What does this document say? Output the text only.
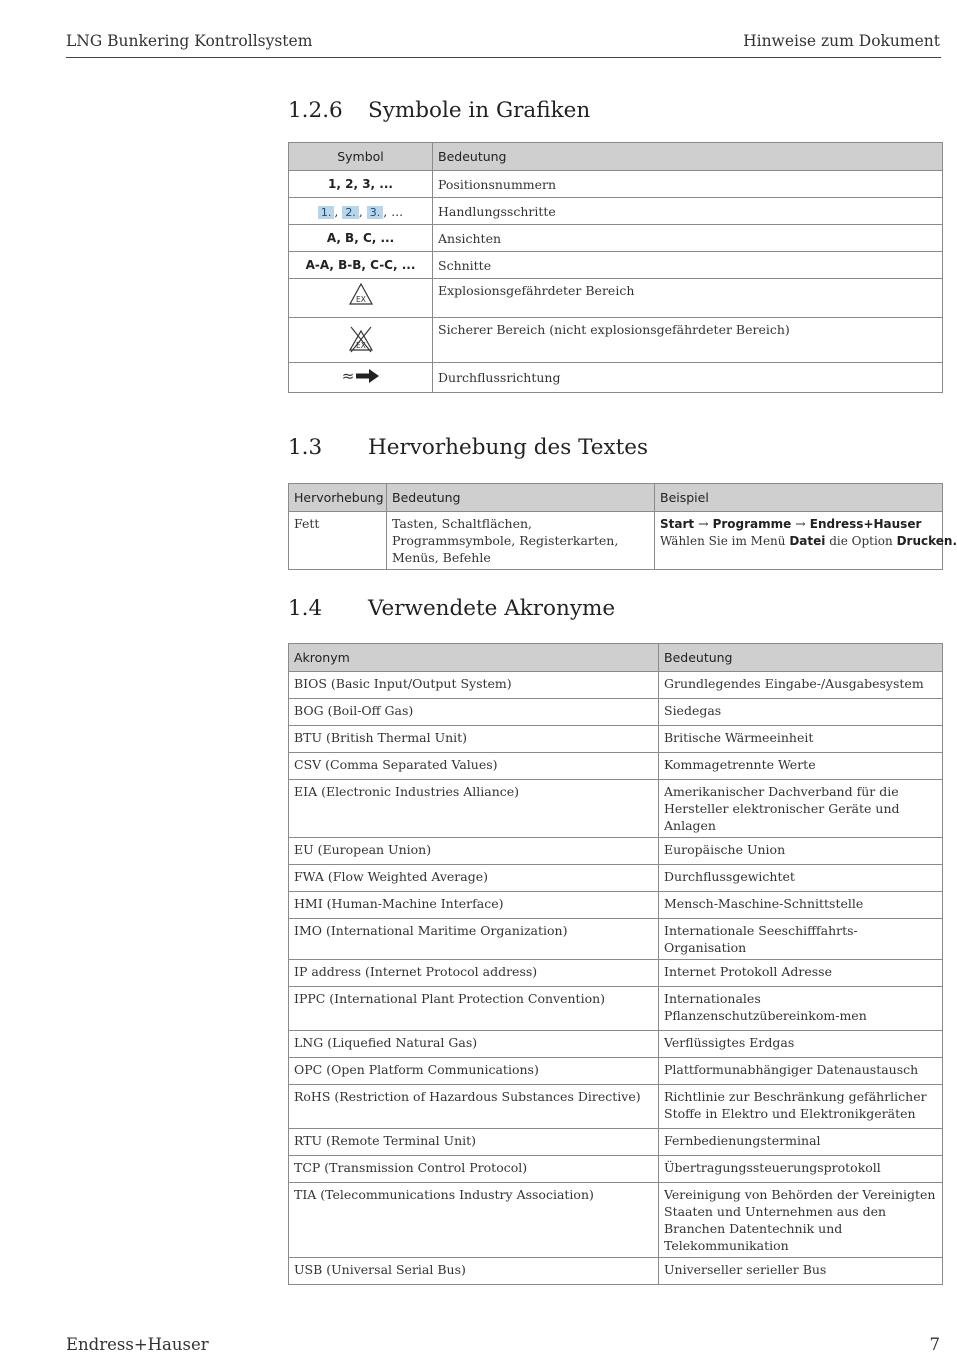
LNG Bunkering Kontrollsystem	Hinweise zum Dokument
1.2.6 Symbole in Grafiken
Symbol	Bedeutung
1, 2, 3, ...	Positionsnummern
1. , 2. , 3. , ...	Handlungsschritte
A, B, C, ...	Ansichten
A-A, B-B, C-C, ...	Schnitte

EX	Explosionsgefährdeter Bereich

EX	Sicherer Bereich (nicht explosionsgefährdeter Bereich)

≈	Durchflussrichtung
1.3 Hervorhebung des Textes
Hervorhebung	Bedeutung	Beispiel
Fett	Tasten, Schaltflächen, Programmsymbole, Registerkarten, Menüs, Befehle	Start → Programme → Endress+Hauser
Wählen Sie im Menü Datei die Option Drucken.
1.4 Verwendete Akronyme
Akronym	Bedeutung
BIOS (Basic Input/Output System)	Grundlegendes Eingabe-/Ausgabesystem
BOG (Boil-Off Gas)	Siedegas
BTU (British Thermal Unit)	Britische Wärmeeinheit
CSV (Comma Separated Values)	Kommagetrennte Werte
EIA (Electronic Industries Alliance)	Amerikanischer Dachverband für die Hersteller elektronischer Geräte und Anlagen
EU (European Union)	Europäische Union
FWA (Flow Weighted Average)	Durchflussgewichtet
HMI (Human-Machine Interface)	Mensch-Maschine-Schnittstelle
IMO (International Maritime Organization)	Internationale Seeschifffahrts-Organisation
IP address (Internet Protocol address)	Internet Protokoll Adresse
IPPC (International Plant Protection Convention)	Internationales Pflanzenschutzübereinkom-men
LNG (Liquefied Natural Gas)	Verflüssigtes Erdgas
OPC (Open Platform Communications)	Plattformunabhängiger Datenaustausch
RoHS (Restriction of Hazardous Substances Directive)	Richtlinie zur Beschränkung gefährlicher Stoffe in Elektro und Elektronikgeräten
RTU (Remote Terminal Unit)	Fernbedienungsterminal
TCP (Transmission Control Protocol)	Übertragungssteuerungsprotokoll
TIA (Telecommunications Industry Association)	Vereinigung von Behörden der Vereinigten Staaten und Unternehmen aus den Branchen Datentechnik und Telekommunikation
USB (Universal Serial Bus)	Universeller serieller Bus
Endress+Hauser	7
